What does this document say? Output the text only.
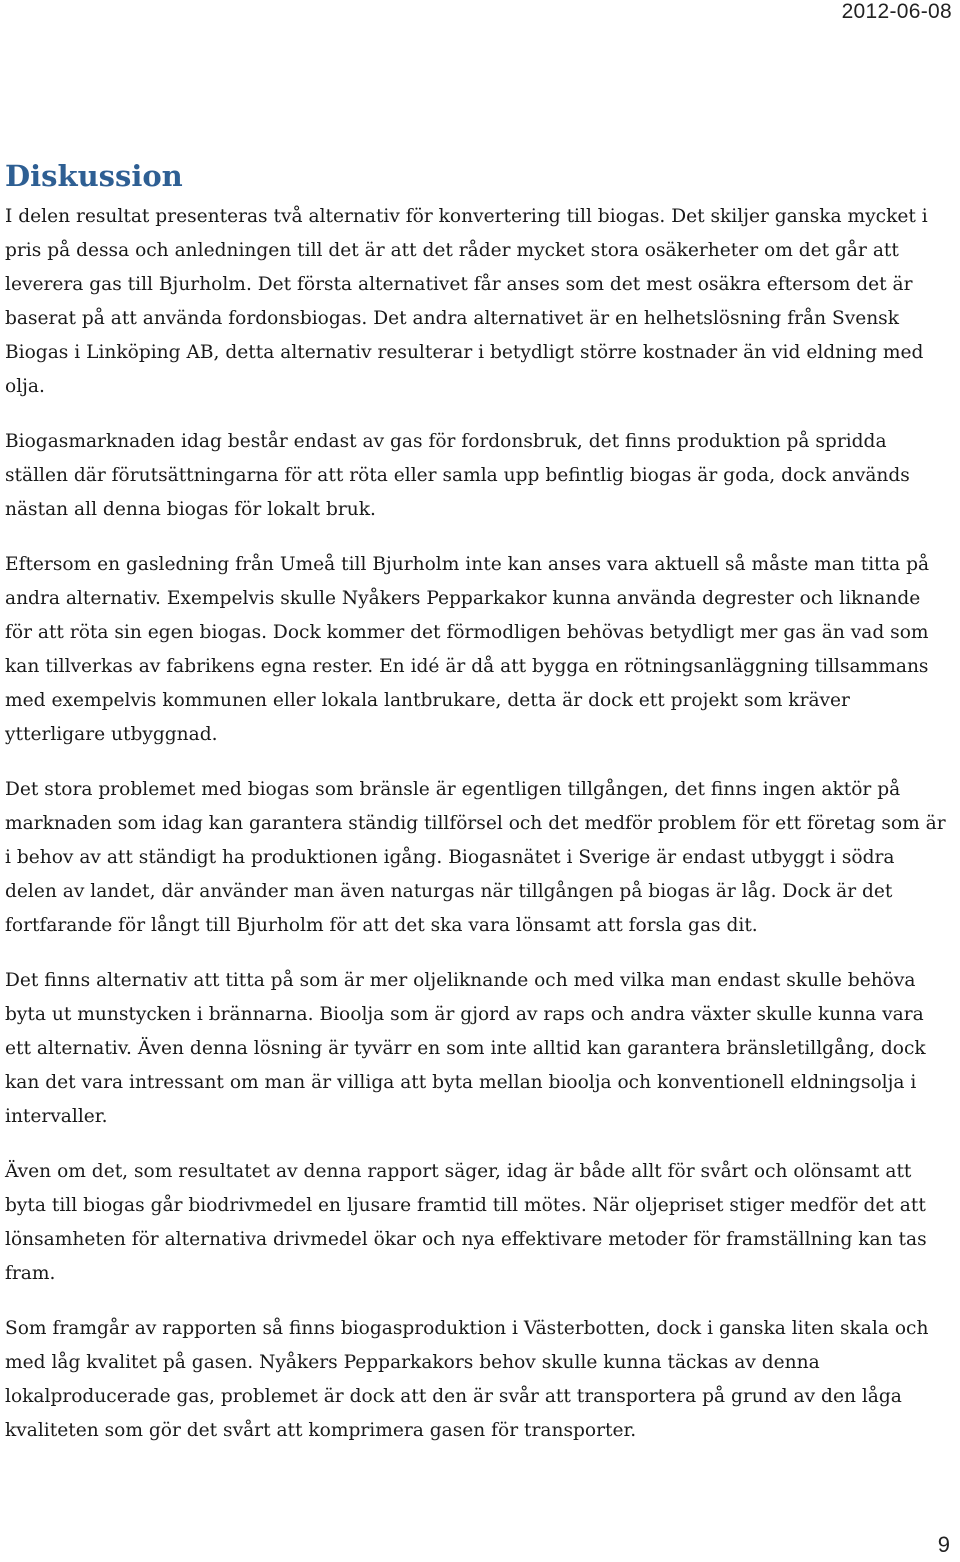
2012-06-08
Diskussion

I delen resultat presenteras två alternativ för konvertering till biogas. Det skiljer ganska mycket i pris på dessa och anledningen till det är att det råder mycket stora osäkerheter om det går att leverera gas till Bjurholm. Det första alternativet får anses som det mest osäkra eftersom det är baserat på att använda fordonsbiogas. Det andra alternativet är en helhetslösning från Svensk Biogas i Linköping AB, detta alternativ resulterar i betydligt större kostnader än vid eldning med olja.

Biogasmarknaden idag består endast av gas för fordonsbruk, det finns produktion på spridda ställen där förutsättningarna för att röta eller samla upp befintlig biogas är goda, dock används nästan all denna biogas för lokalt bruk.

Eftersom en gasledning från Umeå till Bjurholm inte kan anses vara aktuell så måste man titta på andra alternativ. Exempelvis skulle Nyåkers Pepparkakor kunna använda degrester och liknande för att röta sin egen biogas. Dock kommer det förmodligen behövas betydligt mer gas än vad som kan tillverkas av fabrikens egna rester. En idé är då att bygga en rötningsanläggning tillsammans med exempelvis kommunen eller lokala lantbrukare, detta är dock ett projekt som kräver ytterligare utbyggnad.

Det stora problemet med biogas som bränsle är egentligen tillgången, det finns ingen aktör på marknaden som idag kan garantera ständig tillförsel och det medför problem för ett företag som är i behov av att ständigt ha produktionen igång. Biogasnätet i Sverige är endast utbyggt i södra delen av landet, där använder man även naturgas när tillgången på biogas är låg. Dock är det fortfarande för långt till Bjurholm för att det ska vara lönsamt att forsla gas dit.

Det finns alternativ att titta på som är mer oljeliknande och med vilka man endast skulle behöva byta ut munstycken i brännarna. Bioolja som är gjord av raps och andra växter skulle kunna vara ett alternativ. Även denna lösning är tyvärr en som inte alltid kan garantera bränsletillgång, dock kan det vara intressant om man är villiga att byta mellan bioolja och konventionell eldningsolja i intervaller.

Även om det, som resultatet av denna rapport säger, idag är både allt för svårt och olönsamt att byta till biogas går biodrivmedel en ljusare framtid till mötes. När oljepriset stiger medför det att lönsamheten för alternativa drivmedel ökar och nya effektivare metoder för framställning kan tas fram.

Som framgår av rapporten så finns biogasproduktion i Västerbotten, dock i ganska liten skala och med låg kvalitet på gasen. Nyåkers Pepparkakors behov skulle kunna täckas av denna lokalproducerade gas, problemet är dock att den är svår att transportera på grund av den låga kvaliteten som gör det svårt att komprimera gasen för transporter.

9
